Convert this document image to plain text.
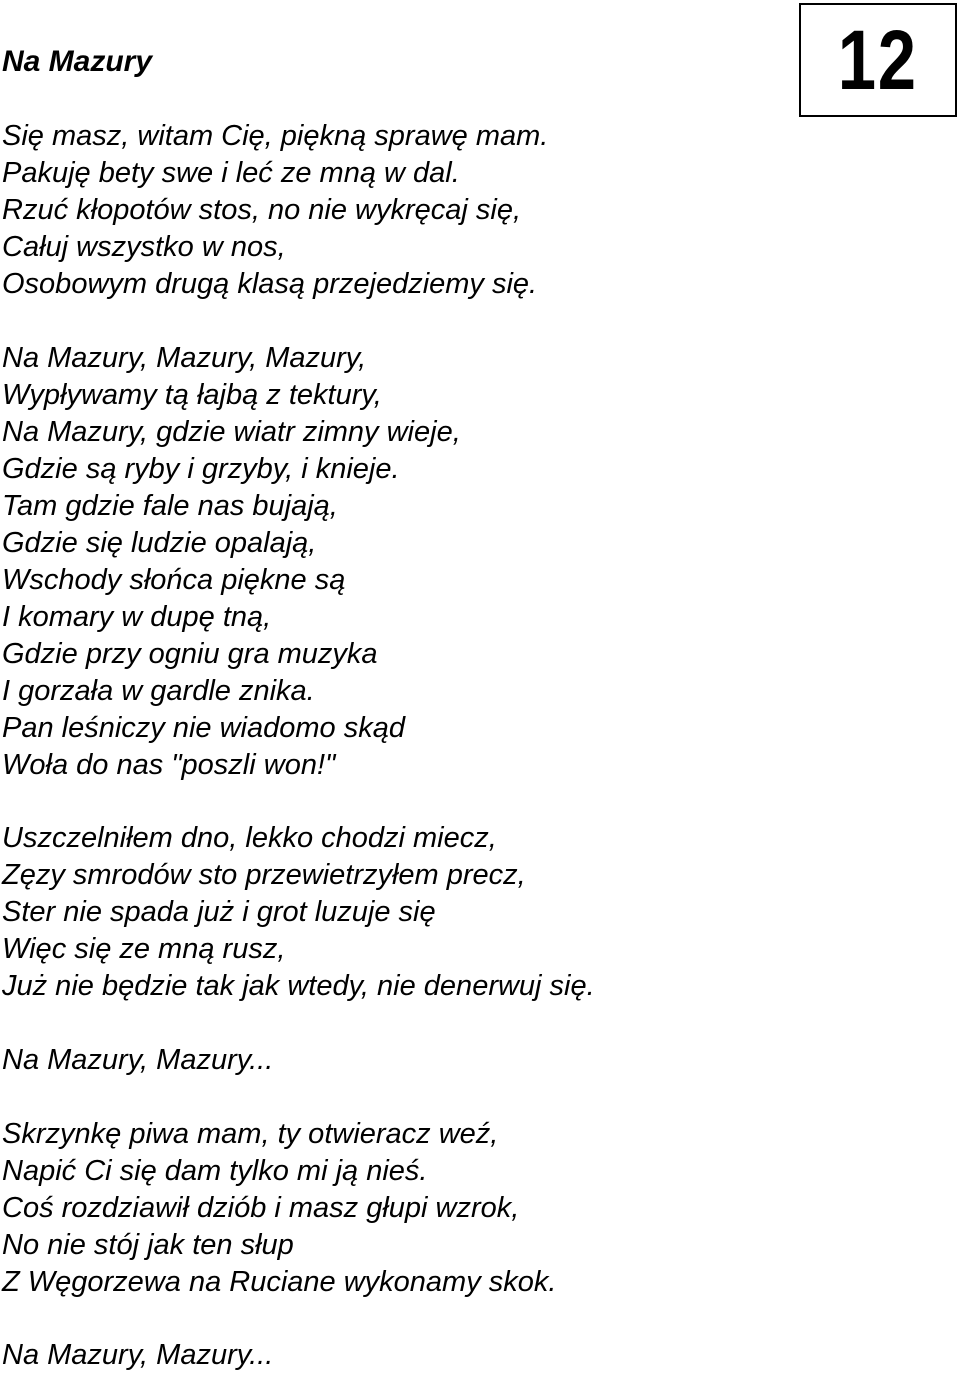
Na Mazury	12
Się masz, witam Cię, piękną sprawę mam.
Pakuję bety swe i leć ze mną w dal.
Rzuć kłopotów stos, no nie wykręcaj się,
Całuj wszystko w nos,
Osobowym drugą klasą przejedziemy się.
Na Mazury, Mazury, Mazury,
Wypływamy tą łajbą z tektury,
Na Mazury, gdzie wiatr zimny wieje,
Gdzie są ryby i grzyby, i knieje.
Tam gdzie fale nas bujają,
Gdzie się ludzie opalają,
Wschody słońca piękne są
I komary w dupę tną,
Gdzie przy ogniu gra muzyka
I gorzała w gardle znika.
Pan leśniczy nie wiadomo skąd
Woła do nas "poszli won!"
Uszczelniłem dno, lekko chodzi miecz,
Zęzy smrodów sto przewietrzyłem precz,
Ster nie spada już i grot luzuje się
Więc się ze mną rusz,
Już nie będzie tak jak wtedy, nie denerwuj się.
Na Mazury, Mazury...
Skrzynkę piwa mam, ty otwieracz weź,
Napić Ci się dam tylko mi ją nieś.
Coś rozdziawił dziób i masz głupi wzrok,
No nie stój jak ten słup
Z Węgorzewa na Ruciane wykonamy skok.
Na Mazury, Mazury...
